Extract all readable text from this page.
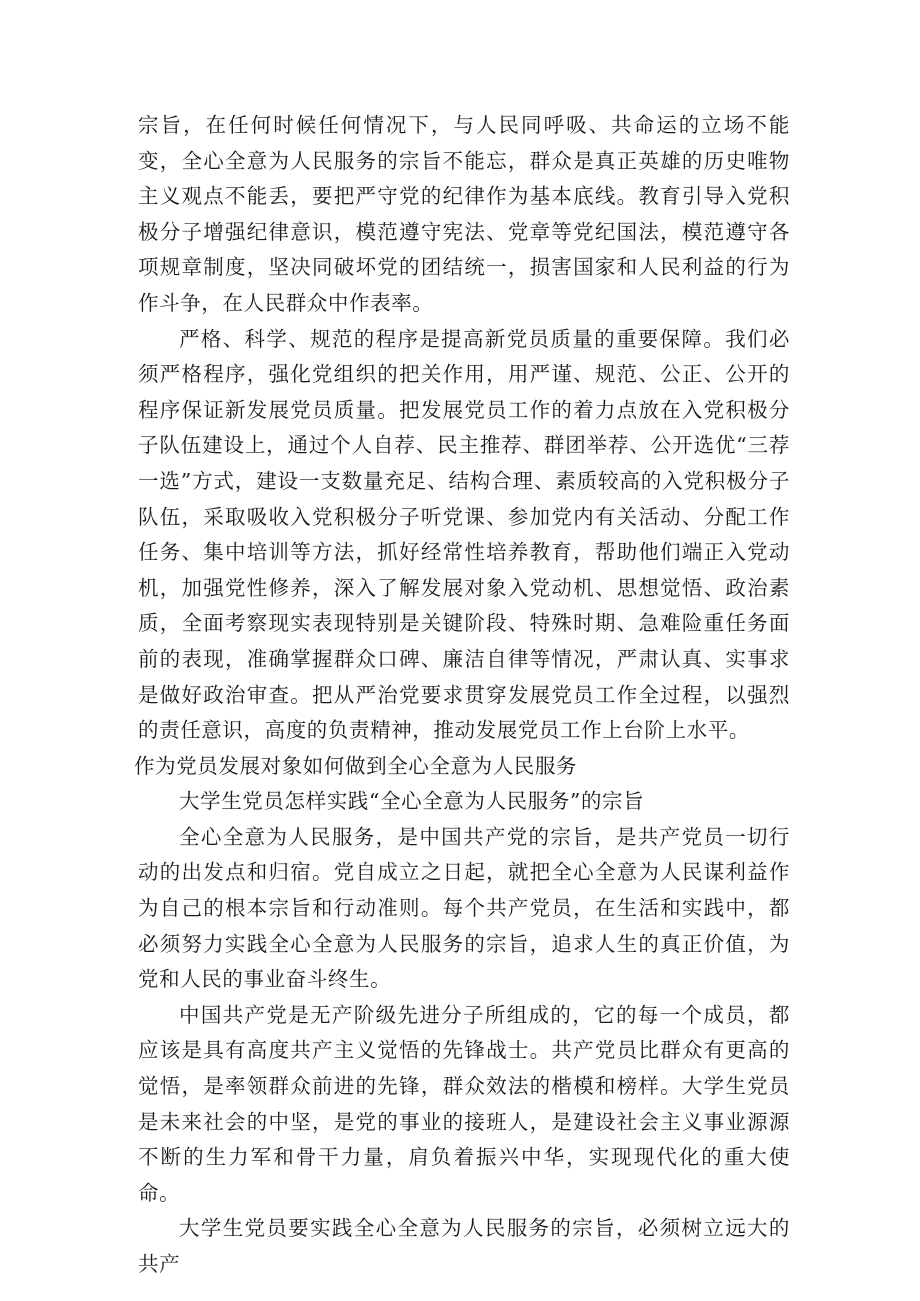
宗旨，在任何时候任何情况下，与人民同呼吸、共命运的立场不能变，全心全意为人民服务的宗旨不能忘，群众是真正英雄的历史唯物主义观点不能丢，要把严守党的纪律作为基本底线。教育引导入党积极分子增强纪律意识，模范遵守宪法、党章等党纪国法，模范遵守各项规章制度，坚决同破坏党的团结统一，损害国家和人民利益的行为作斗争，在人民群众中作表率。

严格、科学、规范的程序是提高新党员质量的重要保障。我们必须严格程序，强化党组织的把关作用，用严谨、规范、公正、公开的程序保证新发展党员质量。把发展党员工作的着力点放在入党积极分子队伍建设上，通过个人自荐、民主推荐、群团举荐、公开选优“三荐一选”方式，建设一支数量充足、结构合理、素质较高的入党积极分子队伍，采取吸收入党积极分子听党课、参加党内有关活动、分配工作任务、集中培训等方法，抓好经常性培养教育，帮助他们端正入党动机，加强党性修养，深入了解发展对象入党动机、思想觉悟、政治素质，全面考察现实表现特别是关键阶段、特殊时期、急难险重任务面前的表现，准确掌握群众口碑、廉洁自律等情况，严肃认真、实事求是做好政治审查。把从严治党要求贯穿发展党员工作全过程，以强烈的责任意识，高度的负责精神，推动发展党员工作上台阶上水平。

作为党员发展对象如何做到全心全意为人民服务

大学生党员怎样实践“全心全意为人民服务”的宗旨

全心全意为人民服务，是中国共产党的宗旨，是共产党员一切行动的出发点和归宿。党自成立之日起，就把全心全意为人民谋利益作为自己的根本宗旨和行动准则。每个共产党员，在生活和实践中，都必须努力实践全心全意为人民服务的宗旨，追求人生的真正价值，为党和人民的事业奋斗终生。

中国共产党是无产阶级先进分子所组成的，它的每一个成员，都应该是具有高度共产主义觉悟的先锋战士。共产党员比群众有更高的觉悟，是率领群众前进的先锋，群众效法的楷模和榜样。大学生党员是未来社会的中坚，是党的事业的接班人，是建设社会主义事业源源不断的生力军和骨干力量，肩负着振兴中华，实现现代化的重大使命。

大学生党员要实践全心全意为人民服务的宗旨，必须树立远大的共产
